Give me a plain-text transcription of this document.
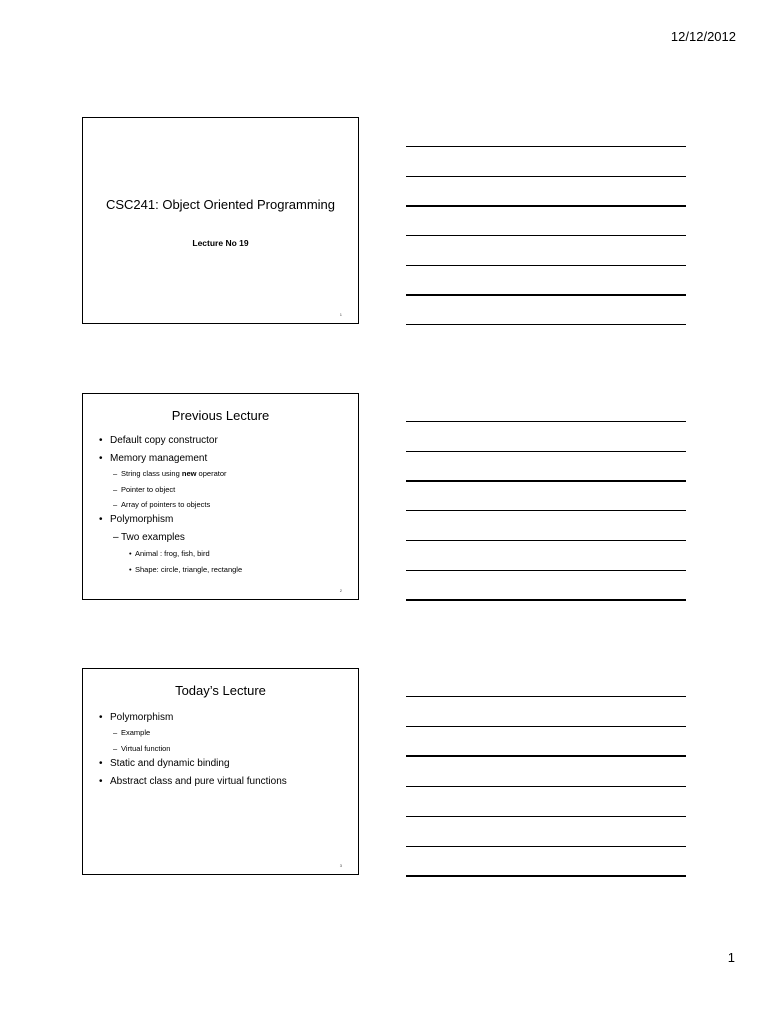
12/12/2012
CSC241: Object Oriented Programming
Lecture No 19
1
Previous Lecture
• Default copy constructor
• Memory management
– String class using new operator
– Pointer to object
– Array of pointers to objects
• Polymorphism
– Two examples
• Animal : frog, fish, bird
• Shape: circle, triangle, rectangle
2
Today’s Lecture
• Polymorphism
– Example
– Virtual function
• Static and dynamic binding
• Abstract class and pure virtual functions
3
1
